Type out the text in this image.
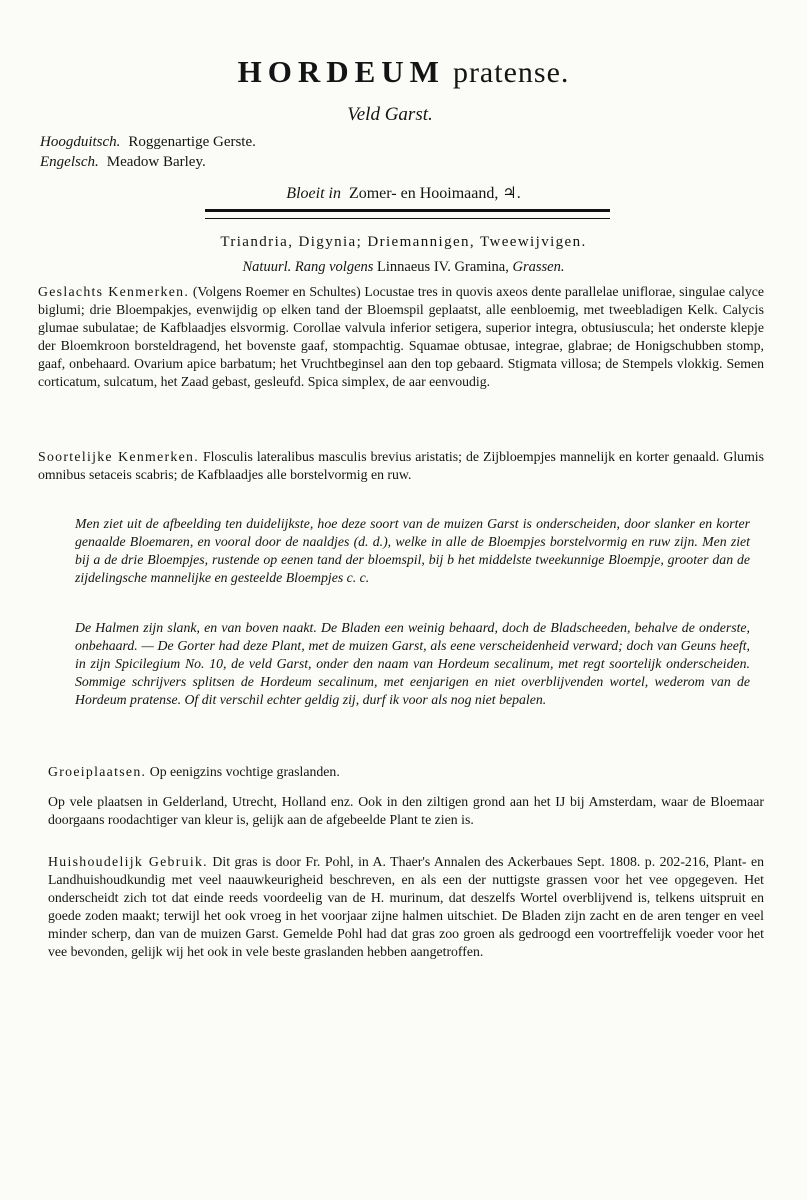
HORDEUM pratense.
Veld Garst.
Hoogduitsch. Roggenartige Gerste.
Engelsch. Meadow Barley.
Bloeit in Zomer- en Hooimaand, ♃.
Triandria, Digynia; Driemannigen, Tweewijvigen.
Natuurl. Rang volgens Linnaeus IV. Gramina, Grassen.
Geslachts Kenmerken. (Volgens Roemer en Schultes) Locustae tres in quovis axeos dente parallelae uniflorae, singulae calyce biglumi; drie Bloempakjes, evenwijdig op elken tand der Bloemspil geplaatst, alle eenbloemig, met tweebladigen Kelk. Calycis glumae subulatae; de Kafblaadjes elsvormig. Corollae valvula inferior setigera, superior integra, obtusiuscula; het onderste klepje der Bloemkroon borsteldragend, het bovenste gaaf, stompachtig. Squamae obtusae, integrae, glabrae; de Honigschubben stomp, gaaf, onbehaard. Ovarium apice barbatum; het Vruchtbeginsel aan den top gebaard. Stigmata villosa; de Stempels vlokkig. Semen corticatum, sulcatum, het Zaad gebast, gesleufd. Spica simplex, de aar eenvoudig.
Soortelijke Kenmerken. Flosculis lateralibus masculis brevius aristatis; de Zijbloempjes mannelijk en korter genaald. Glumis omnibus setaceis scabris; de Kafblaadjes alle borstelvormig en ruw.
Men ziet uit de afbeelding ten duidelijkste, hoe deze soort van de muizen Garst is onderscheiden, door slanker en korter genaalde Bloemaren, en vooral door de naaldjes (d. d.), welke in alle de Bloempjes borstelvormig en ruw zijn. Men ziet bij a de drie Bloempjes, rustende op eenen tand der bloemspil, bij b het middelste tweekunnige Bloempje, grooter dan de zijdelingsche mannelijke en gesteelde Bloempjes c. c.
De Halmen zijn slank, en van boven naakt. De Bladen een weinig behaard, doch de Bladscheeden, behalve de onderste, onbehaard. — De Gorter had deze Plant, met de muizen Garst, als eene verscheidenheid verward; doch van Geuns heeft, in zijn Spicilegium No. 10, de veld Garst, onder den naam van Hordeum secalinum, met regt soortelijk onderscheiden. Sommige schrijvers splitsen de Hordeum secalinum, met eenjarigen en niet overblijvenden wortel, wederom van de Hordeum pratense. Of dit verschil echter geldig zij, durf ik voor als nog niet bepalen.
Groeiplaatsen. Op eenigzins vochtige graslanden.
Op vele plaatsen in Gelderland, Utrecht, Holland enz. Ook in den ziltigen grond aan het IJ bij Amsterdam, waar de Bloemaar doorgaans roodachtiger van kleur is, gelijk aan de afgebeelde Plant te zien is.
Huishoudelijk Gebruik. Dit gras is door Fr. Pohl, in A. Thaer's Annalen des Ackerbaues Sept. 1808. p. 202-216, Plant- en Landhuishoudkundig met veel naauwkeurigheid beschreven, en als een der nuttigste grassen voor het vee opgegeven. Het onderscheidt zich tot dat einde reeds voordeelig van de H. murinum, dat deszelfs Wortel overblijvend is, telkens uitspruit en goede zoden maakt; terwijl het ook vroeg in het voorjaar zijne halmen uitschiet. De Bladen zijn zacht en de aren tenger en veel minder scherp, dan van de muizen Garst. Gemelde Pohl had dat gras zoo groen als gedroogd een voortreffelijk voeder voor het vee bevonden, gelijk wij het ook in vele beste graslanden hebben aangetroffen.
